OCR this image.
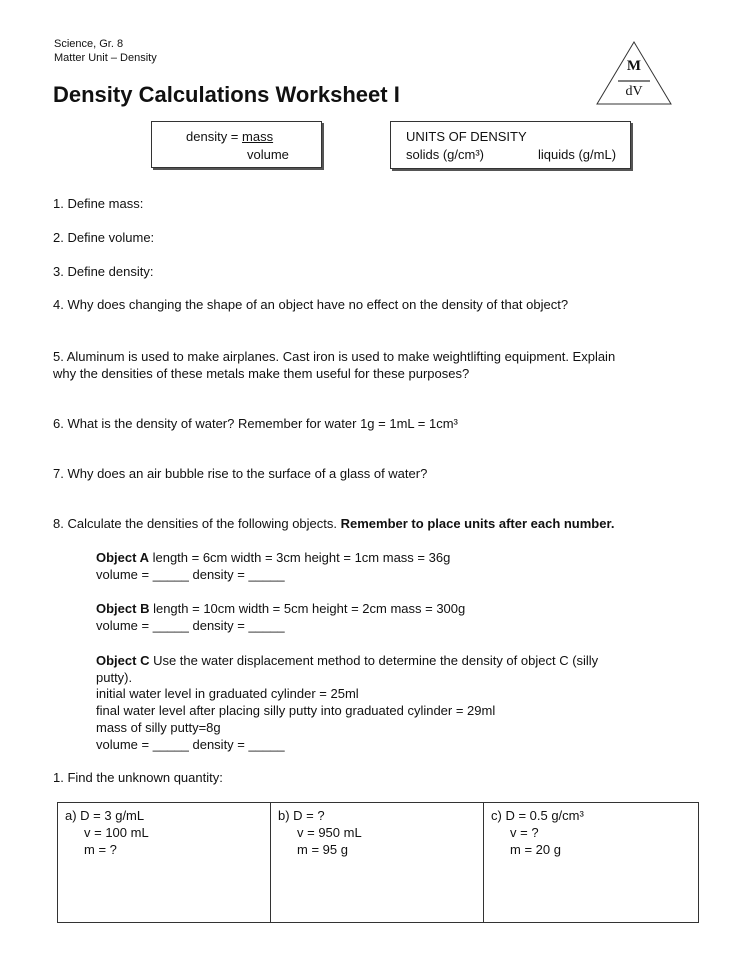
Science, Gr. 8
Matter Unit – Density
Density Calculations Worksheet I
M
dV
density = mass
volume
UNITS OF DENSITY
solids (g/cm³)	liquids (g/mL)
1. Define mass:
2. Define volume:
3. Define density:
4. Why does changing the shape of an object have no effect on the density of that object?
5. Aluminum is used to make airplanes. Cast iron is used to make weightlifting equipment. Explain
why the densities of these metals make them useful for these purposes?
6. What is the density of water? Remember for water 1g = 1mL = 1cm³
7. Why does an air bubble rise to the surface of a glass of water?
8. Calculate the densities of the following objects. Remember to place units after each number.
Object A length = 6cm width = 3cm height = 1cm mass = 36g
volume = _____ density = _____
Object B length = 10cm width = 5cm height = 2cm mass = 300g
volume = _____ density = _____
Object C Use the water displacement method to determine the density of object C (silly
putty).
initial water level in graduated cylinder = 25ml
final water level after placing silly putty into graduated cylinder = 29ml
mass of silly putty=8g
volume = _____ density = _____
1. Find the unknown quantity:
a) D = 3 g/mL
v = 100 mL
m = ?
b) D = ?
v = 950 mL
m = 95 g
c) D = 0.5 g/cm³
v = ?
m = 20 g
